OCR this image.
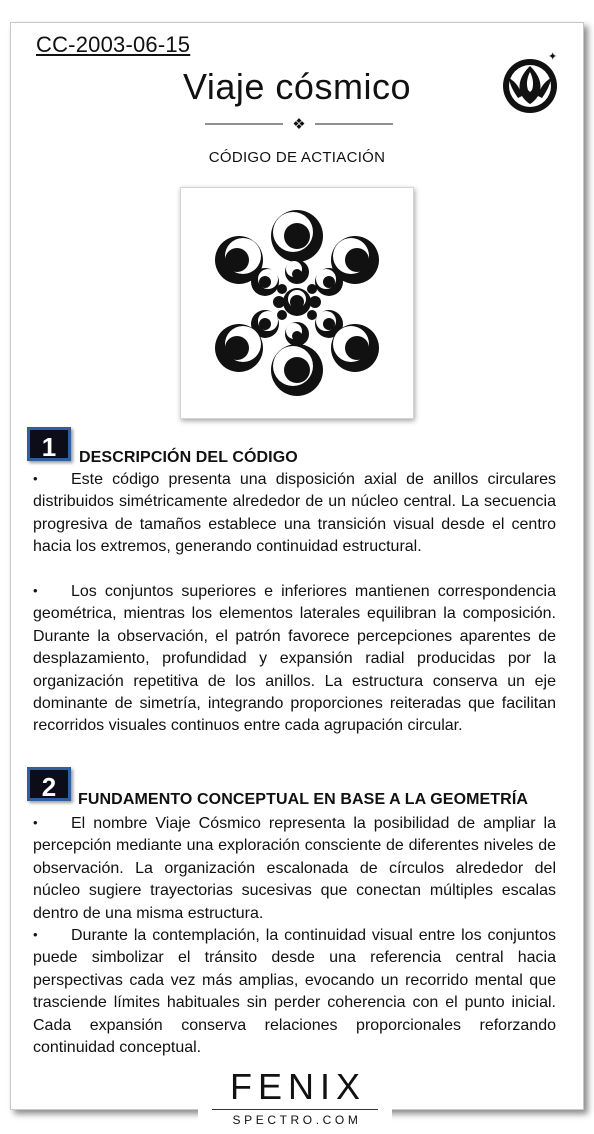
CC-2003-06-15
Viaje cósmico
❖
CÓDIGO DE ACTIACIÓN
✦
1	DESCRIPCIÓN DEL CÓDIGO
• Este código presenta una disposición axial de anillos circulares distribuidos simétricamente alrededor de un núcleo central. La secuencia progresiva de tamaños establece una transición visual desde el centro hacia los extremos, generando continuidad estructural.
• Los conjuntos superiores e inferiores mantienen correspondencia geométrica, mientras los elementos laterales equilibran la composición. Durante la observación, el patrón favorece percepciones aparentes de desplazamiento, profundidad y expansión radial producidas por la organización repetitiva de los anillos. La estructura conserva un eje dominante de simetría, integrando proporciones reiteradas que facilitan recorridos visuales continuos entre cada agrupación circular.
2	FUNDAMENTO CONCEPTUAL EN BASE A LA GEOMETRÍA
• El nombre Viaje Cósmico representa la posibilidad de ampliar la percepción mediante una exploración consciente de diferentes niveles de observación. La organización escalonada de círculos alrededor del núcleo sugiere trayectorias sucesivas que conectan múltiples escalas dentro de una misma estructura.
• Durante la contemplación, la continuidad visual entre los conjuntos puede simbolizar el tránsito desde una referencia central hacia perspectivas cada vez más amplias, evocando un recorrido mental que trasciende límites habituales sin perder coherencia con el punto inicial. Cada expansión conserva relaciones proporcionales reforzando continuidad conceptual.
FENIX
SPECTRO.COM
